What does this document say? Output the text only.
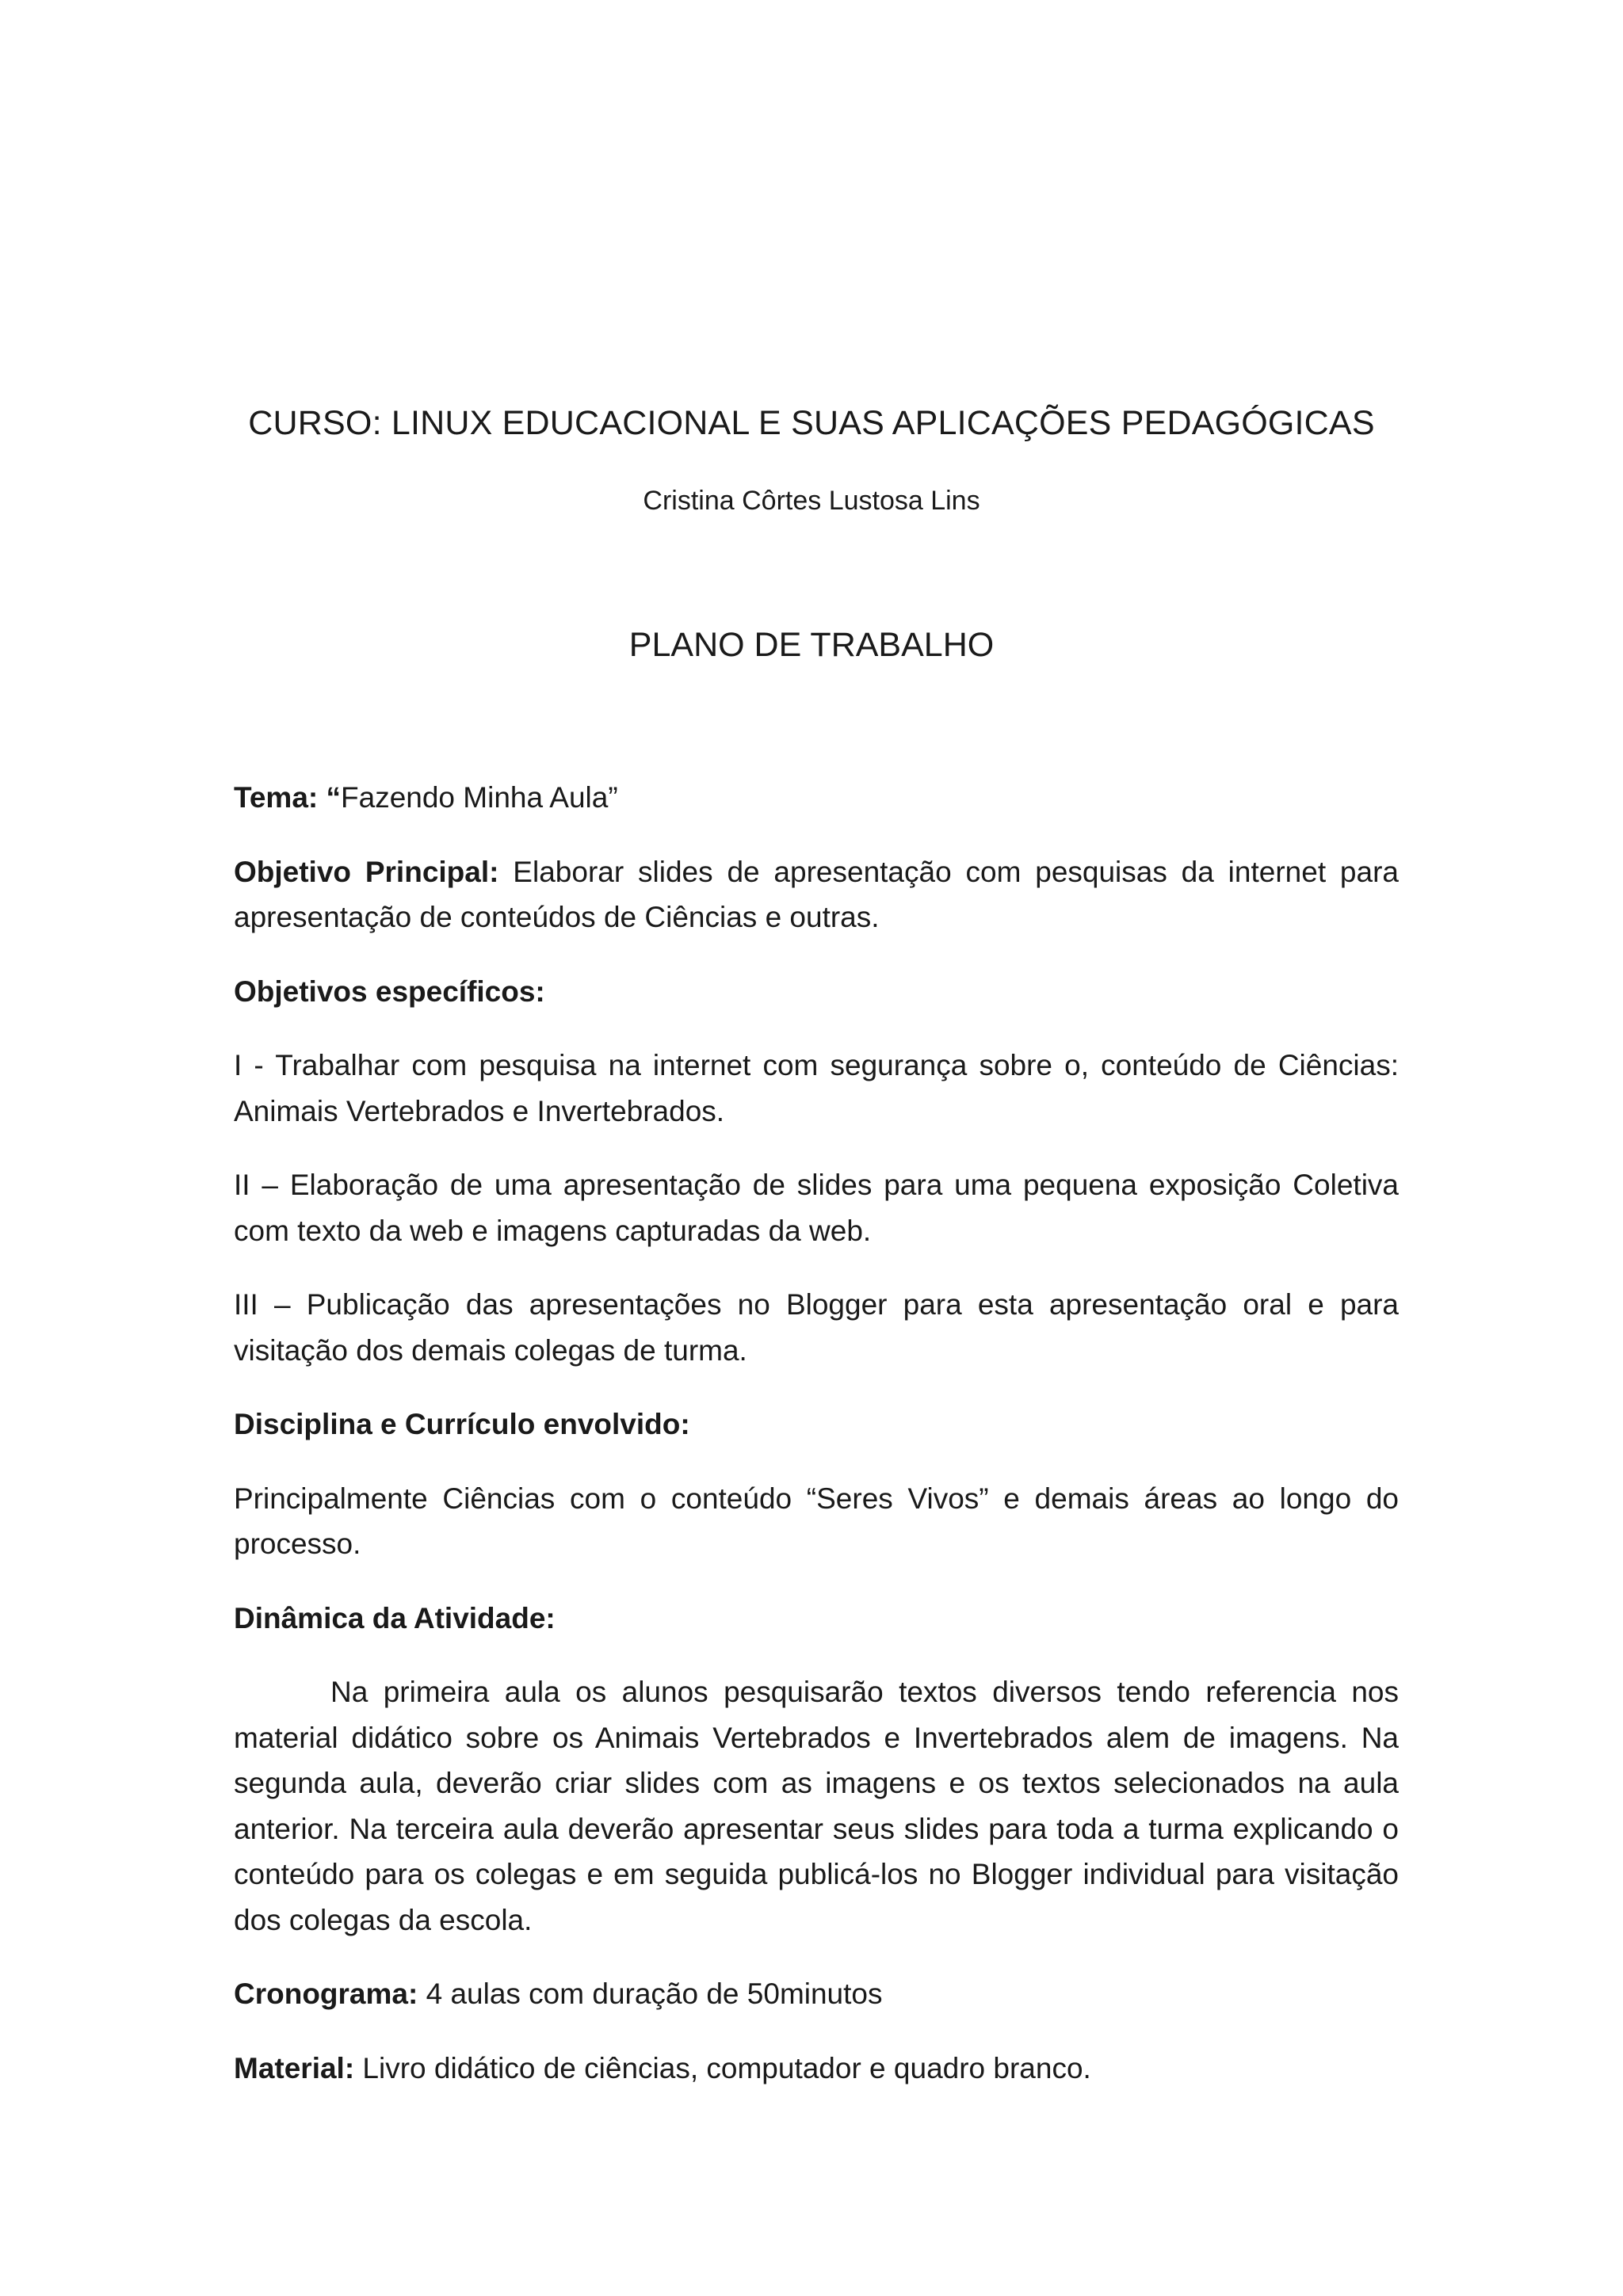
CURSO: LINUX EDUCACIONAL E SUAS APLICAÇÕES PEDAGÓGICAS
Cristina Côrtes Lustosa Lins
PLANO DE TRABALHO

Tema: “Fazendo Minha Aula”

Objetivo Principal: Elaborar slides de apresentação com pesquisas da internet para apresentação de conteúdos de Ciências e outras.

Objetivos específicos:

I - Trabalhar com pesquisa na internet com segurança sobre o, conteúdo de Ciências: Animais Vertebrados e Invertebrados.

II – Elaboração de uma apresentação de slides para uma pequena exposição Coletiva com texto da web e imagens capturadas da web.

III – Publicação das apresentações no Blogger para esta apresentação oral e para visitação dos demais colegas de turma.

Disciplina e Currículo envolvido:

Principalmente Ciências com o conteúdo “Seres Vivos” e demais áreas ao longo do processo.

Dinâmica da Atividade:

Na primeira aula os alunos pesquisarão textos diversos tendo referencia nos material didático sobre os Animais Vertebrados e Invertebrados alem de imagens. Na segunda aula, deverão criar slides com as imagens e os textos selecionados na aula anterior. Na terceira aula deverão apresentar seus slides para toda a turma explicando o conteúdo para os colegas e em seguida publicá-los no Blogger individual para visitação dos colegas da escola.

Cronograma: 4 aulas com duração de 50minutos

Material: Livro didático de ciências, computador e quadro branco.
